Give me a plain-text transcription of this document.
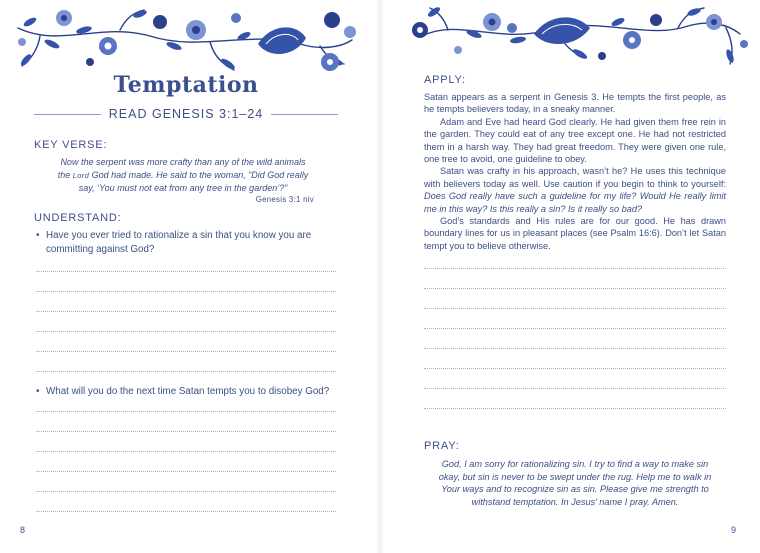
Temptation
READ GENESIS 3:1–24
KEY VERSE:
Now the serpent was more crafty than any of the wild animals
the Lord God had made. He said to the woman, “Did God really
say, ‘You must not eat from any tree in the garden’?”
Genesis 3:1 niv
UNDERSTAND:
• Have you ever tried to rationalize a sin that you know you are committing against God?
• What will you do the next time Satan tempts you to disobey God?
8
APPLY:

Satan appears as a serpent in Genesis 3. He tempts the first people, as he tempts believers today, in a sneaky manner.

Adam and Eve had heard God clearly. He had given them free rein in the garden. They could eat of any tree except one. He had not restricted them in a harsh way. They had great freedom. They were given one rule, one tree to avoid, one guideline to obey.

Satan was crafty in his approach, wasn’t he? He uses this technique with believers today as well. Use caution if you begin to think to yourself: Does God really have such a guideline for my life? Would He really limit me in this way? Is this really a sin? Is it really so bad?

God’s standards and His rules are for our good. He has drawn boundary lines for us in pleasant places (see Psalm 16:6). Don’t let Satan tempt you to believe otherwise.

PRAY:
God, I am sorry for rationalizing sin. I try to find a way to make sin okay, but sin is never to be swept under the rug. Help me to walk in Your ways and to recognize sin as sin. Please give me strength to withstand temptation. In Jesus’ name I pray. Amen.
9
